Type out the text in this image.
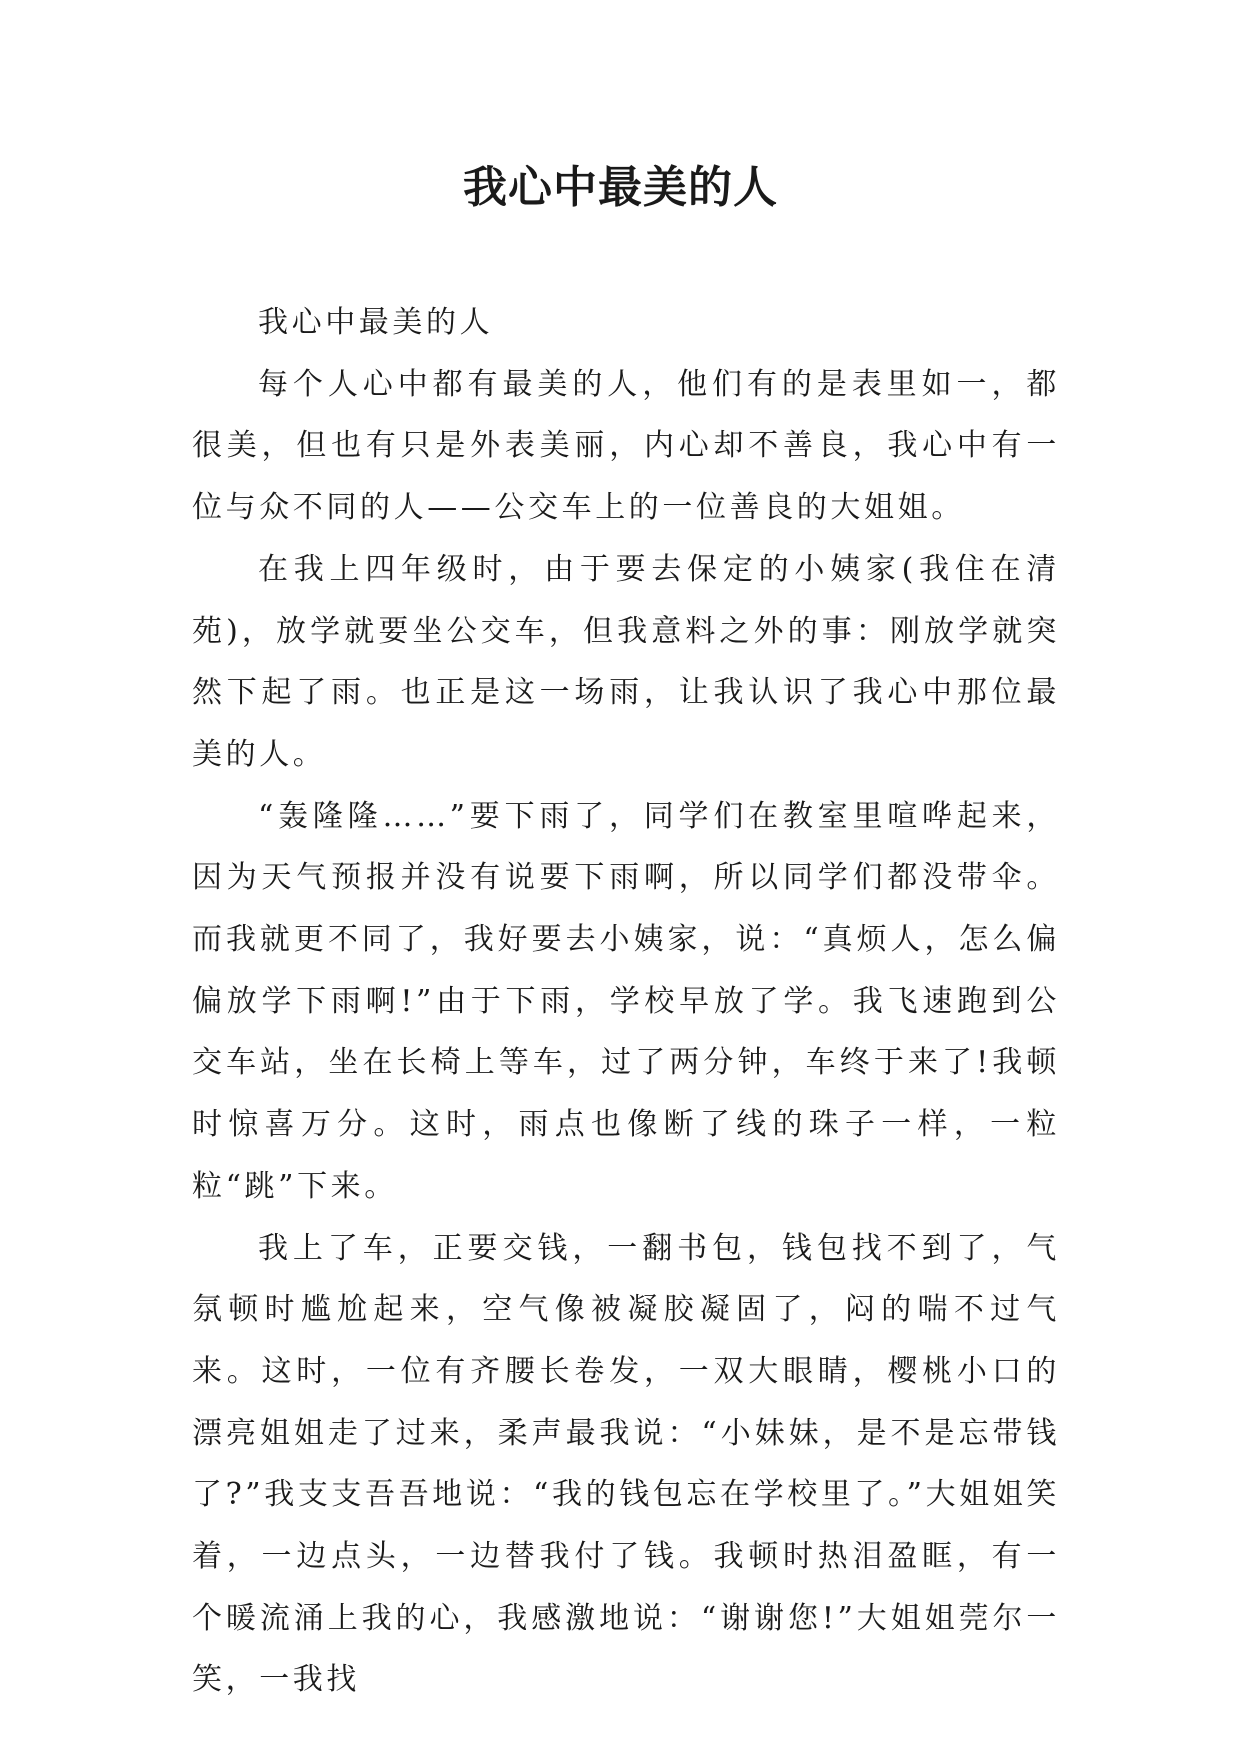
我心中最美的人

我心中最美的人

每个人心中都有最美的人，他们有的是表里如一，都很美，但也有只是外表美丽，内心却不善良，我心中有一位与众不同的人——公交车上的一位善良的大姐姐。

在我上四年级时，由于要去保定的小姨家(我住在清苑)，放学就要坐公交车，但我意料之外的事：刚放学就突然下起了雨。也正是这一场雨，让我认识了我心中那位最美的人。

“轰隆隆……”要下雨了，同学们在教室里喧哗起来，因为天气预报并没有说要下雨啊，所以同学们都没带伞。而我就更不同了，我好要去小姨家，说：“真烦人，怎么偏偏放学下雨啊!”由于下雨，学校早放了学。我飞速跑到公交车站，坐在长椅上等车，过了两分钟，车终于来了!我顿时惊喜万分。这时，雨点也像断了线的珠子一样，一粒粒“跳”下来。

我上了车，正要交钱，一翻书包，钱包找不到了，气氛顿时尴尬起来，空气像被凝胶凝固了，闷的喘不过气来。这时，一位有齐腰长卷发，一双大眼睛，樱桃小口的漂亮姐姐走了过来，柔声最我说：“小妹妹，是不是忘带钱了?”我支支吾吾地说：“我的钱包忘在学校里了。”大姐姐笑着，一边点头，一边替我付了钱。我顿时热泪盈眶，有一个暖流涌上我的心，我感激地说：“谢谢您!”大姐姐莞尔一笑，一我找
